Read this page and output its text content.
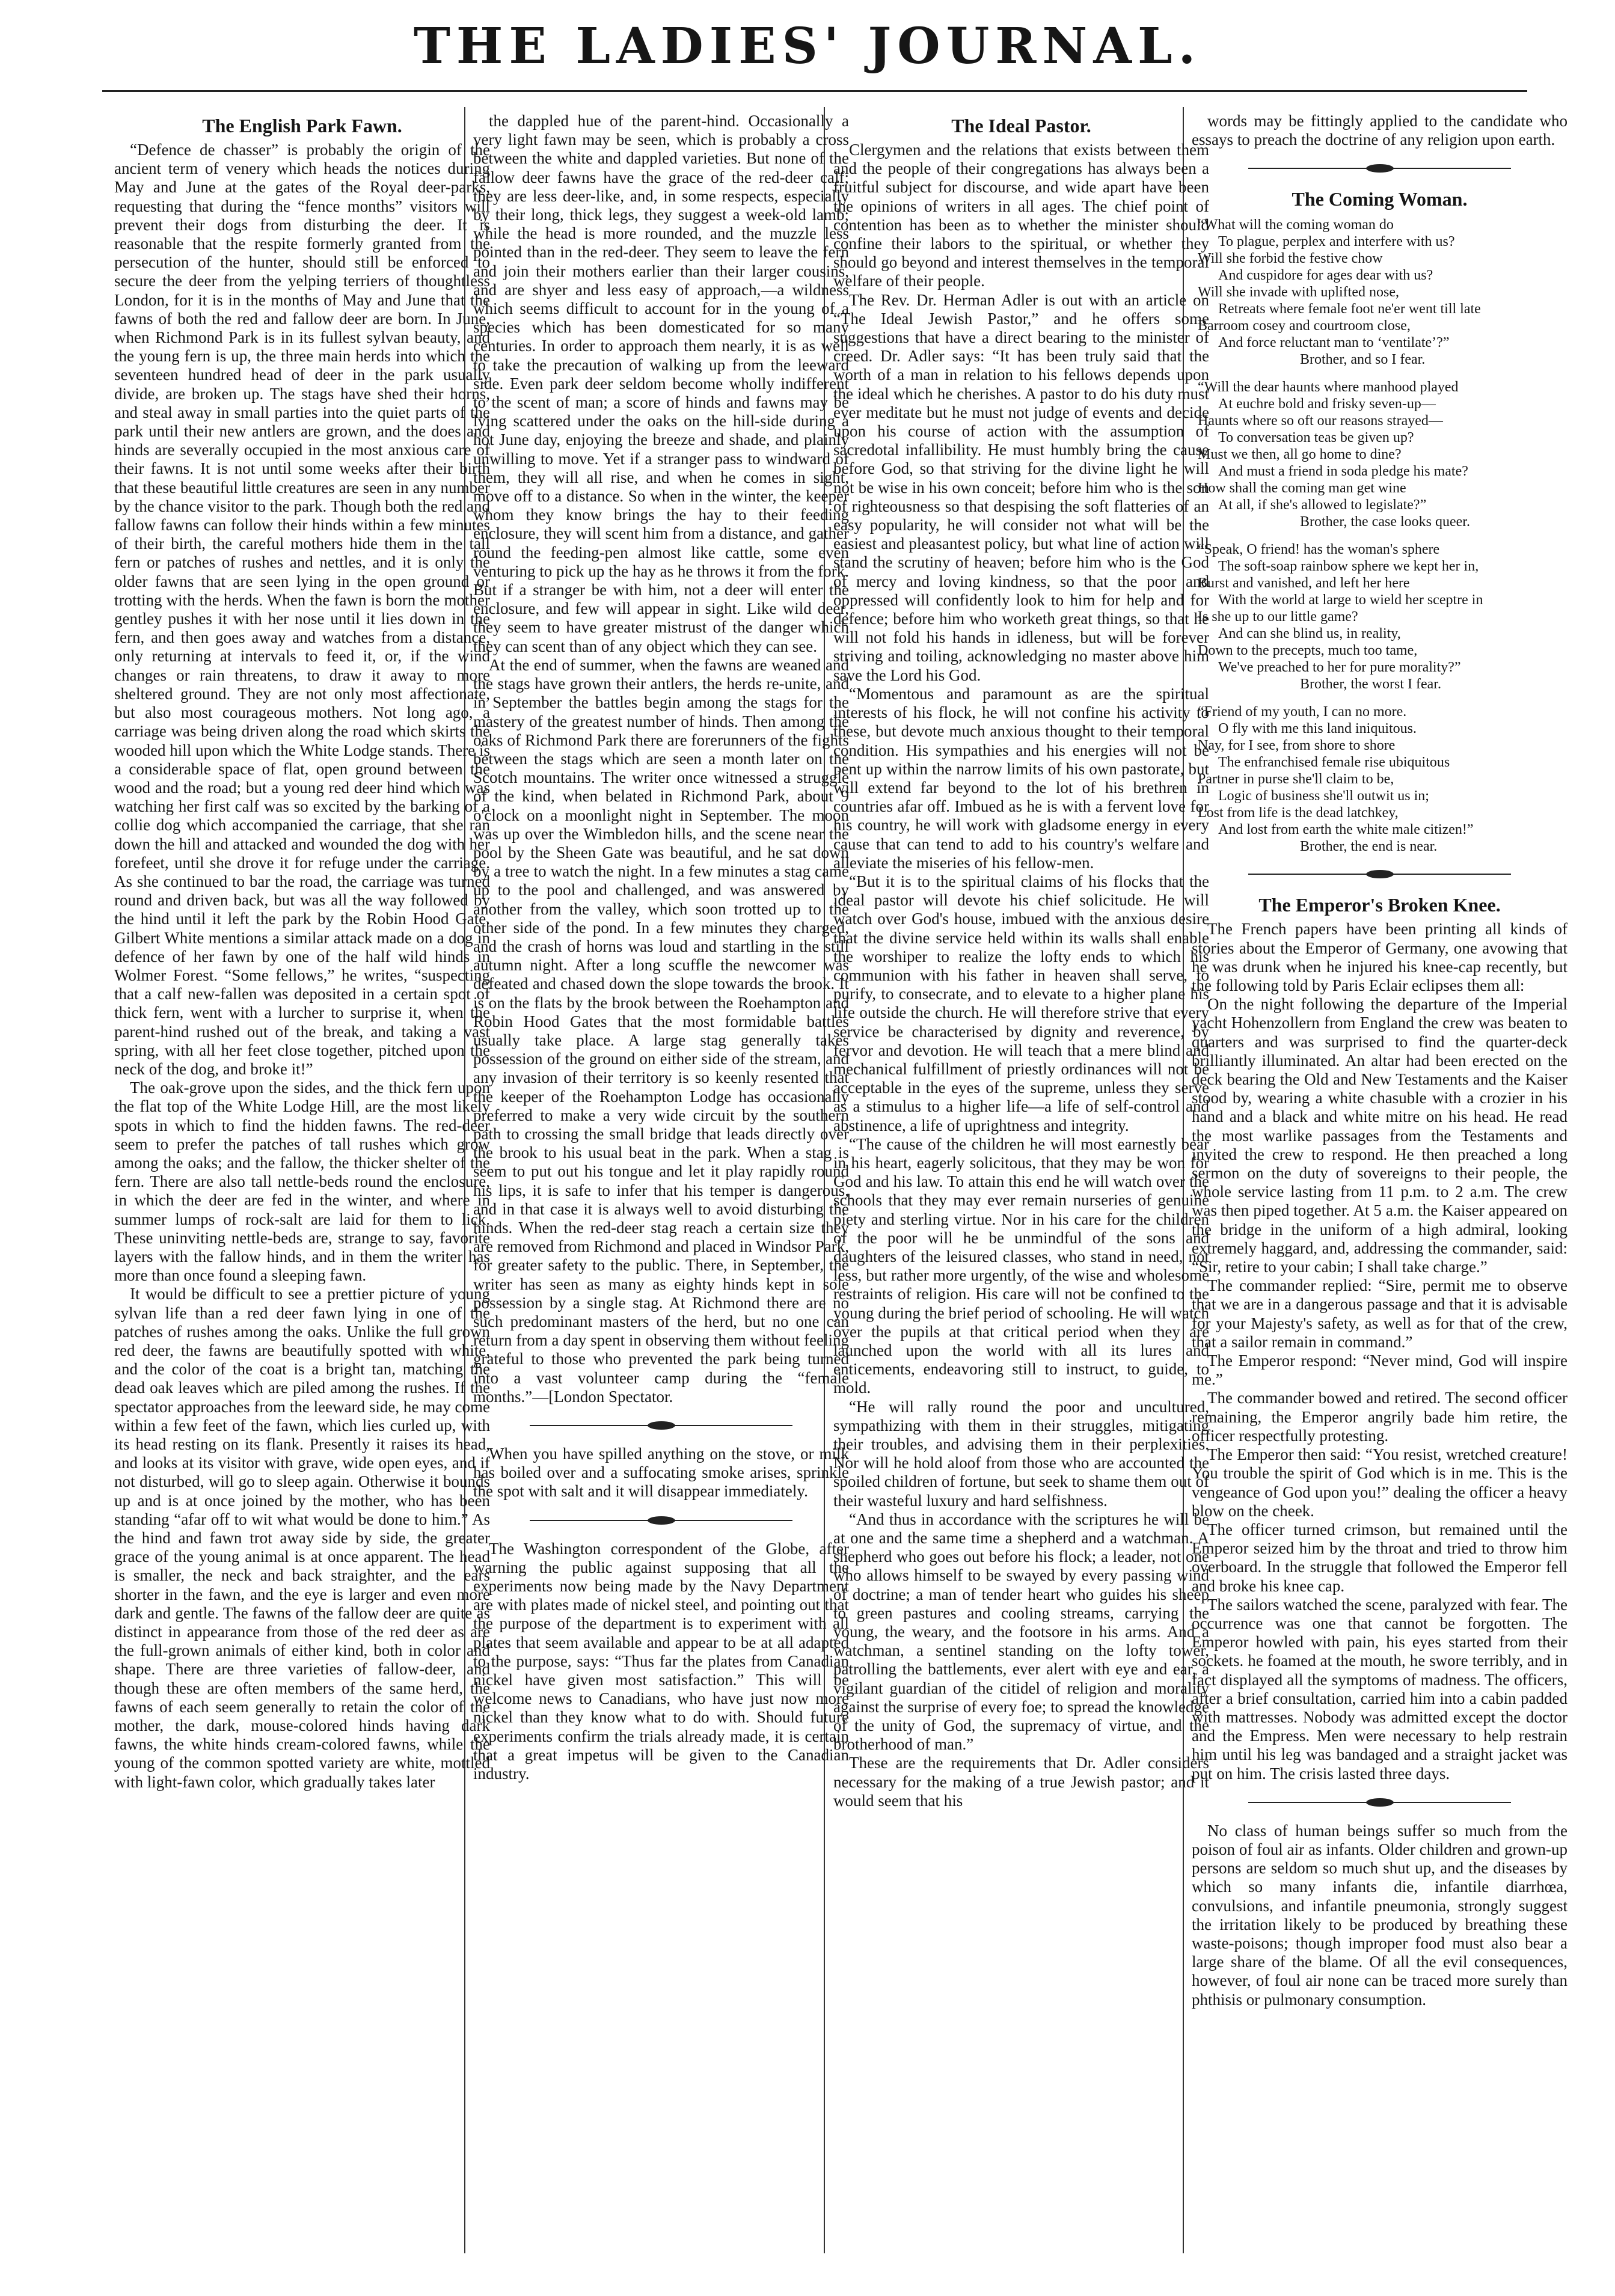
THE LADIES' JOURNAL.
The English Park Fawn.

“Defence de chasser” is probably the origin of the ancient term of venery which heads the notices during May and June at the gates of the Royal deer-parks, requesting that during the “fence months” visitors will prevent their dogs from disturbing the deer. It is reasonable that the respite formerly granted from the persecution of the hunter, should still be enforced to secure the deer from the yelping terriers of thoughtless London, for it is in the months of May and June that the fawns of both the red and fallow deer are born. In June, when Richmond Park is in its fullest sylvan beauty, and the young fern is up, the three main herds into which the seventeen hundred head of deer in the park usually divide, are broken up. The stags have shed their horns, and steal away in small parties into the quiet parts of the park until their new antlers are grown, and the does and hinds are severally occupied in the most anxious care of their fawns. It is not until some weeks after their birth that these beautiful little creatures are seen in any number by the chance visitor to the park. Though both the red and fallow fawns can follow their hinds within a few minutes of their birth, the careful mothers hide them in the tall fern or patches of rushes and nettles, and it is only the older fawns that are seen lying in the open ground or trotting with the herds. When the fawn is born the mother gentley pushes it with her nose until it lies down in the fern, and then goes away and watches from a distance, only returning at intervals to feed it, or, if the wind changes or rain threatens, to draw it away to more sheltered ground. They are not only most affectionate, but also most courageous mothers. Not long ago, a carriage was being driven along the road which skirts the wooded hill upon which the White Lodge stands. There is a considerable space of flat, open ground between the wood and the road; but a young red deer hind which was watching her first calf was so excited by the barking of a collie dog which accompanied the carriage, that she ran down the hill and attacked and wounded the dog with her forefeet, until she drove it for refuge under the carriage. As she continued to bar the road, the carriage was turned round and driven back, but was all the way followed by the hind until it left the park by the Robin Hood Gate. Gilbert White mentions a similar attack made on a dog in defence of her fawn by one of the half wild hinds in Wolmer Forest. “Some fellows,” he writes, “suspecting that a calf new-fallen was deposited in a certain spot of thick fern, went with a lurcher to surprise it, when the parent-hind rushed out of the break, and taking a vast spring, with all her feet close together, pitched upon the neck of the dog, and broke it!”

The oak-grove upon the sides, and the thick fern upon the flat top of the White Lodge Hill, are the most likely spots in which to find the hidden fawns. The red-deer seem to prefer the patches of tall rushes which grow among the oaks; and the fallow, the thicker shelter of the fern. There are also tall nettle-beds round the enclosure, in which the deer are fed in the winter, and where in summer lumps of rock-salt are laid for them to lick. These uninviting nettle-beds are, strange to say, favorite layers with the fallow hinds, and in them the writer has more than once found a sleeping fawn.

It would be difficult to see a prettier picture of young sylvan life than a red deer fawn lying in one of the patches of rushes among the oaks. Unlike the full grown red deer, the fawns are beautifully spotted with white, and the color of the coat is a bright tan, matching the dead oak leaves which are piled among the rushes. If the spectator approaches from the leeward side, he may come within a few feet of the fawn, which lies curled up, with its head resting on its flank. Presently it raises its head, and looks at its visitor with grave, wide open eyes, and if not disturbed, will go to sleep again. Otherwise it bounds up and is at once joined by the mother, who has been standing “afar off to wit what would be done to him.” As the hind and fawn trot away side by side, the greater grace of the young animal is at once apparent. The head is smaller, the neck and back straighter, and the ears shorter in the fawn, and the eye is larger and even more dark and gentle. The fawns of the fallow deer are quite as distinct in appearance from those of the red deer as are the full-grown animals of either kind, both in color and shape. There are three varieties of fallow-deer, and though these are often members of the same herd, the fawns of each seem generally to retain the color of the mother, the dark, mouse-colored hinds having dark fawns, the white hinds cream-colored fawns, while the young of the common spotted variety are white, mottled with light-fawn color, which gradually takes later

the dappled hue of the parent-hind. Occasionally a very light fawn may be seen, which is probably a cross between the white and dappled varieties. But none of the fallow deer fawns have the grace of the red-deer calf; they are less deer-like, and, in some respects, especially by their long, thick legs, they suggest a week-old lamb; while the head is more rounded, and the muzzle less pointed than in the red-deer. They seem to leave the fern and join their mothers earlier than their larger cousins, and are shyer and less easy of approach,—a wildness which seems difficult to account for in the young of a species which has been domesticated for so many centuries. In order to approach them nearly, it is as well to take the precaution of walking up from the leeward side. Even park deer seldom become wholly indifferent to the scent of man; a score of hinds and fawns may be lying scattered under the oaks on the hill-side during a hot June day, enjoying the breeze and shade, and plainly unwilling to move. Yet if a stranger pass to windward of them, they will all rise, and when he comes in sight, move off to a distance. So when in the winter, the keeper whom they know brings the hay to their feeding enclosure, they will scent him from a distance, and gather round the feeding-pen almost like cattle, some even venturing to pick up the hay as he throws it from the fork. But if a stranger be with him, not a deer will enter the enclosure, and few will appear in sight. Like wild deer, they seem to have greater mistrust of the danger which they can scent than of any object which they can see.

At the end of summer, when the fawns are weaned and the stags have grown their antlers, the herds re-unite, and in September the battles begin among the stags for the mastery of the greatest number of hinds. Then among the oaks of Richmond Park there are forerunners of the fights between the stags which are seen a month later on the Scotch mountains. The writer once witnessed a struggle of the kind, when belated in Richmond Park, about 9 o'clock on a moonlight night in September. The moon was up over the Wimbledon hills, and the scene near the pool by the Sheen Gate was beautiful, and he sat down by a tree to watch the night. In a few minutes a stag came up to the pool and challenged, and was answered by another from the valley, which soon trotted up to the other side of the pond. In a few minutes they charged, and the crash of horns was loud and startling in the still autumn night. After a long scuffle the newcomer was defeated and chased down the slope towards the brook. It is on the flats by the brook between the Roehampton and Robin Hood Gates that the most formidable battles usually take place. A large stag generally takes possession of the ground on either side of the stream, and any invasion of their territory is so keenly resented that the keeper of the Roehampton Lodge has occasionally preferred to make a very wide circuit by the southern path to crossing the small bridge that leads directly over the brook to his usual beat in the park. When a stag is seem to put out his tongue and let it play rapidly round his lips, it is safe to infer that his temper is dangerous, and in that case it is always well to avoid disturbing the hinds. When the red-deer stag reach a certain size they are removed from Richmond and placed in Windsor Park, for greater safety to the public. There, in September, the writer has seen as many as eighty hinds kept in sole possession by a single stag. At Richmond there are no such predominant masters of the herd, but no one can return from a day spent in observing them without feeling grateful to those who prevented the park being turned into a vast volunteer camp during the “female months.”—[London Spectator.

When you have spilled anything on the stove, or milk has boiled over and a suffocating smoke arises, sprinkle the spot with salt and it will disappear immediately.

The Washington correspondent of the Globe, after warning the public against supposing that all the experiments now being made by the Navy Department are with plates made of nickel steel, and pointing out that the purpose of the department is to experiment with all plates that seem available and appear to be at all adapted to the purpose, says: “Thus far the plates from Canadian nickel have given most satisfaction.” This will be welcome news to Canadians, who have just now more nickel than they know what to do with. Should future experiments confirm the trials already made, it is certain that a great impetus will be given to the Canadian industry.

The Ideal Pastor.

Clergymen and the relations that exists between them and the people of their congregations has always been a fruitful subject for discourse, and wide apart have been the opinions of writers in all ages. The chief point of contention has been as to whether the minister should confine their labors to the spiritual, or whether they should go beyond and interest themselves in the temporal welfare of their people.

The Rev. Dr. Herman Adler is out with an article on “The Ideal Jewish Pastor,” and he offers some suggestions that have a direct bearing to the minister of creed. Dr. Adler says: “It has been truly said that the worth of a man in relation to his fellows depends upon the ideal which he cherishes. A pastor to do his duty must ever meditate but he must not judge of events and decide upon his course of action with the assumption of sacredotal infallibility. He must humbly bring the cause before God, so that striving for the divine light he will not be wise in his own conceit; before him who is the son of righteousness so that despising the soft flatteries of an easy popularity, he will consider not what will be the easiest and pleasantest policy, but what line of action will stand the scrutiny of heaven; before him who is the God of mercy and loving kindness, so that the poor and oppressed will confidently look to him for help and for defence; before him who worketh great things, so that he will not fold his hands in idleness, but will be forever striving and toiling, acknowledging no master above him save the Lord his God.

“Momentous and paramount as are the spiritual interests of his flock, he will not confine his activity to these, but devote much anxious thought to their temporal condition. His sympathies and his energies will not be pent up within the narrow limits of his own pastorate, but will extend far beyond to the lot of his brethren in countries afar off. Imbued as he is with a fervent love for his country, he will work with gladsome energy in every cause that can tend to add to his country's welfare and alleviate the miseries of his fellow-men.

“But it is to the spiritual claims of his flocks that the ideal pastor will devote his chief solicitude. He will watch over God's house, imbued with the anxious desire that the divine service held within its walls shall enable the worshiper to realize the lofty ends to which his communion with his father in heaven shall serve, to purify, to consecrate, and to elevate to a higher plane his life outside the church. He will therefore strive that every service be characterised by dignity and reverence, by fervor and devotion. He will teach that a mere blind and mechanical fulfillment of priestly ordinances will not be acceptable in the eyes of the supreme, unless they serve as a stimulus to a higher life—a life of self-control and abstinence, a life of uprightness and integrity.

“The cause of the children he will most earnestly bear in his heart, eagerly solicitous, that they may be won for God and his law. To attain this end he will watch over the schools that they may ever remain nurseries of genuine piety and sterling virtue. Nor in his care for the children of the poor will he be unmindful of the sons and daughters of the leisured classes, who stand in need, not less, but rather more urgently, of the wise and wholesome restraints of religion. His care will not be confined to the young during the brief period of schooling. He will watch over the pupils at that critical period when they are launched upon the world with all its lures and enticements, endeavoring still to instruct, to guide, to mold.

“He will rally round the poor and uncultured, sympathizing with them in their struggles, mitigating their troubles, and advising them in their perplexities. Nor will he hold aloof from those who are accounted the spoiled children of fortune, but seek to shame them out of their wasteful luxury and hard selfishness.

“And thus in accordance with the scriptures he will be at one and the same time a shepherd and a watchman. A shepherd who goes out before his flock; a leader, not one who allows himself to be swayed by every passing wind of doctrine; a man of tender heart who guides his sheep to green pastures and cooling streams, carrying the young, the weary, and the footsore in his arms. And a watchman, a sentinel standing on the lofty tower, patrolling the battlements, ever alert with eye and ear, a vigilant guardian of the citidel of religion and morality against the surprise of every foe; to spread the knowledge of the unity of God, the supremacy of virtue, and the brotherhood of man.”

These are the requirements that Dr. Adler considers necessary for the making of a true Jewish pastor; and it would seem that his

words may be fittingly applied to the candidate who essays to preach the doctrine of any religion upon earth.

The Coming Woman.
“What will the coming woman do
To plague, perplex and interfere with us?
Will she forbid the festive chow
And cuspidore for ages dear with us?
Will she invade with uplifted nose,
Retreats where female foot ne'er went till late
Barroom cosey and courtroom close,
And force reluctant man to ‘ventilate’?”
Brother, and so I fear.
“Will the dear haunts where manhood played
At euchre bold and frisky seven-up—
Haunts where so oft our reasons strayed—
To conversation teas be given up?
Must we then, all go home to dine?
And must a friend in soda pledge his mate?
How shall the coming man get wine
At all, if she's allowed to legislate?”
Brother, the case looks queer.
“Speak, O friend! has the woman's sphere
The soft-soap rainbow sphere we kept her in,
Burst and vanished, and left her here
With the world at large to wield her sceptre in
Is she up to our little game?
And can she blind us, in reality,
Down to the precepts, much too tame,
We've preached to her for pure morality?”
Brother, the worst I fear.
“Friend of my youth, I can no more.
O fly with me this land iniquitous.
Nay, for I see, from shore to shore
The enfranchised female rise ubiquitous
Partner in purse she'll claim to be,
Logic of business she'll outwit us in;
Lost from life is the dead latchkey,
And lost from earth the white male citizen!”
Brother, the end is near.
The Emperor's Broken Knee.

The French papers have been printing all kinds of stories about the Emperor of Germany, one avowing that he was drunk when he injured his knee-cap recently, but the following told by Paris Eclair eclipses them all:

On the night following the departure of the Imperial yacht Hohenzollern from England the crew was beaten to quarters and was surprised to find the quarter-deck brilliantly illuminated. An altar had been erected on the deck bearing the Old and New Testaments and the Kaiser stood by, wearing a white chasuble with a crozier in his hand and a black and white mitre on his head. He read the most warlike passages from the Testaments and invited the crew to respond. He then preached a long sermon on the duty of sovereigns to their people, the whole service lasting from 11 p.m. to 2 a.m. The crew was then piped together. At 5 a.m. the Kaiser appeared on the bridge in the uniform of a high admiral, looking extremely haggard, and, addressing the commander, said: “Sir, retire to your cabin; I shall take charge.”

The commander replied: “Sire, permit me to observe that we are in a dangerous passage and that it is advisable for your Majesty's safety, as well as for that of the crew, that a sailor remain in command.”

The Emperor respond: “Never mind, God will inspire me.”

The commander bowed and retired. The second officer remaining, the Emperor angrily bade him retire, the officer respectfully protesting.

The Emperor then said: “You resist, wretched creature! You trouble the spirit of God which is in me. This is the vengeance of God upon you!” dealing the officer a heavy blow on the cheek.

The officer turned crimson, but remained until the Emperor seized him by the throat and tried to throw him overboard. In the struggle that followed the Emperor fell and broke his knee cap.

The sailors watched the scene, paralyzed with fear. The occurrence was one that cannot be forgotten. The Emperor howled with pain, his eyes started from their sockets. he foamed at the mouth, he swore terribly, and in fact displayed all the symptoms of madness. The officers, after a brief consultation, carried him into a cabin padded with mattresses. Nobody was admitted except the doctor and the Empress. Men were necessary to help restrain him until his leg was bandaged and a straight jacket was put on him. The crisis lasted three days.

No class of human beings suffer so much from the poison of foul air as infants. Older children and grown-up persons are seldom so much shut up, and the diseases by which so many infants die, infantile diarrhœa, convulsions, and infantile pneumonia, strongly suggest the irritation likely to be produced by breathing these waste-poisons; though improper food must also bear a large share of the blame. Of all the evil consequences, however, of foul air none can be traced more surely than phthisis or pulmonary consumption.
